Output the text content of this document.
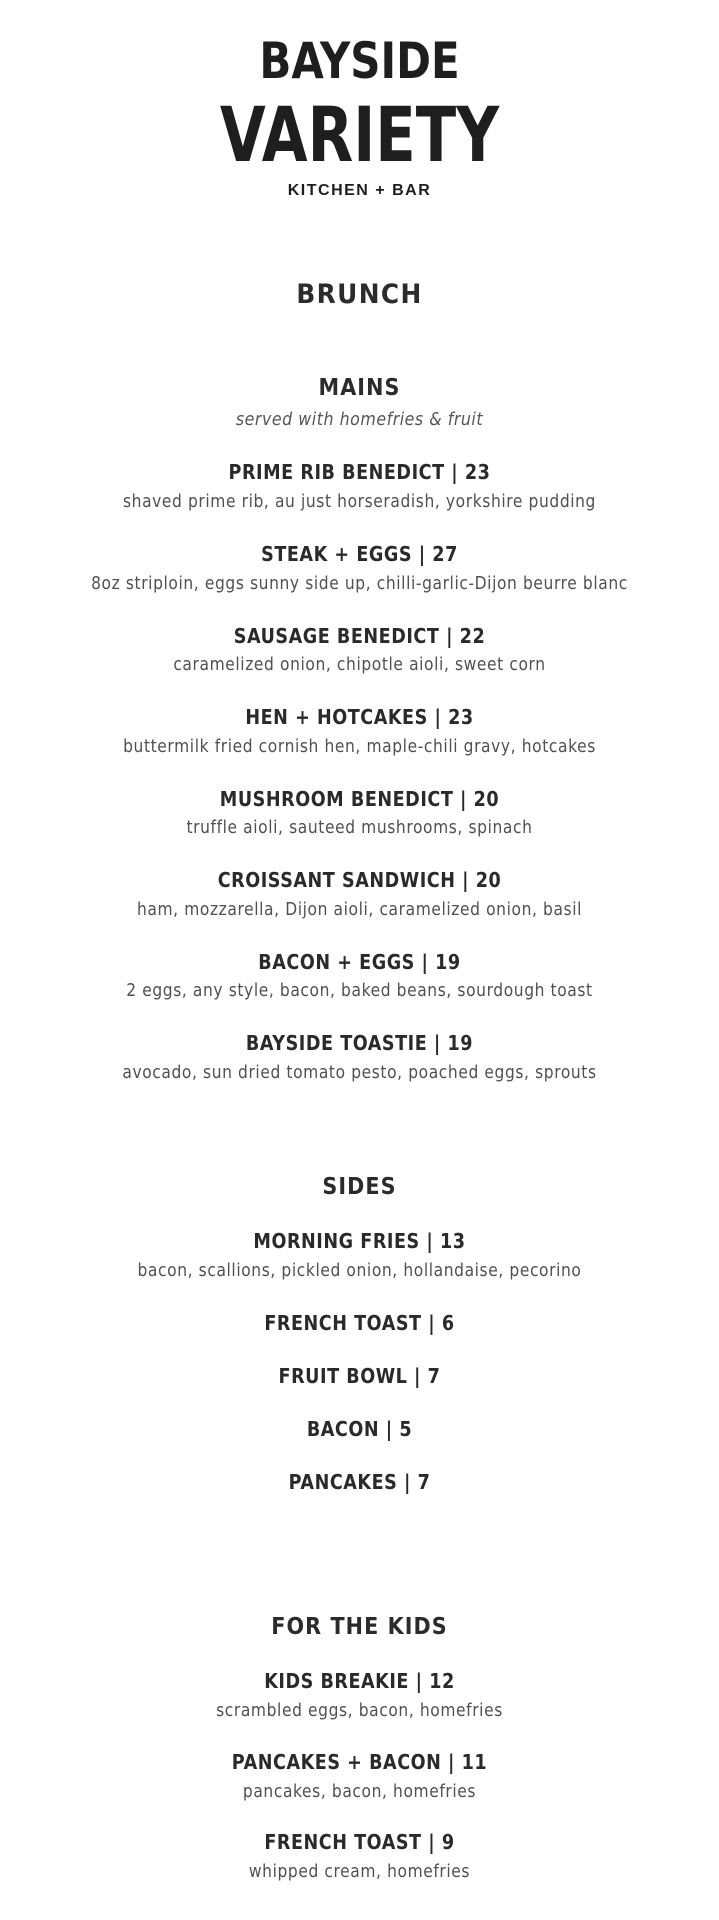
BAYSIDE
VARIETY
KITCHEN + BAR
BRUNCH
MAINS
served with homefries & fruit
PRIME RIB BENEDICT | 23
shaved prime rib, au just horseradish, yorkshire pudding
STEAK + EGGS | 27
8oz striploin, eggs sunny side up, chilli-garlic-Dijon beurre blanc
SAUSAGE BENEDICT | 22
caramelized onion, chipotle aioli, sweet corn
HEN + HOTCAKES | 23
buttermilk fried cornish hen, maple-chili gravy, hotcakes
MUSHROOM BENEDICT | 20
truffle aioli, sauteed mushrooms, spinach
CROISSANT SANDWICH | 20
ham, mozzarella, Dijon aioli, caramelized onion, basil
BACON + EGGS | 19
2 eggs, any style, bacon, baked beans, sourdough toast
BAYSIDE TOASTIE | 19
avocado, sun dried tomato pesto, poached eggs, sprouts
SIDES
MORNING FRIES | 13
bacon, scallions, pickled onion, hollandaise, pecorino
FRENCH TOAST | 6
FRUIT BOWL | 7
BACON | 5
PANCAKES | 7
FOR THE KIDS
KIDS BREAKIE | 12
scrambled eggs, bacon, homefries
PANCAKES + BACON | 11
pancakes, bacon, homefries
FRENCH TOAST | 9
whipped cream, homefries
